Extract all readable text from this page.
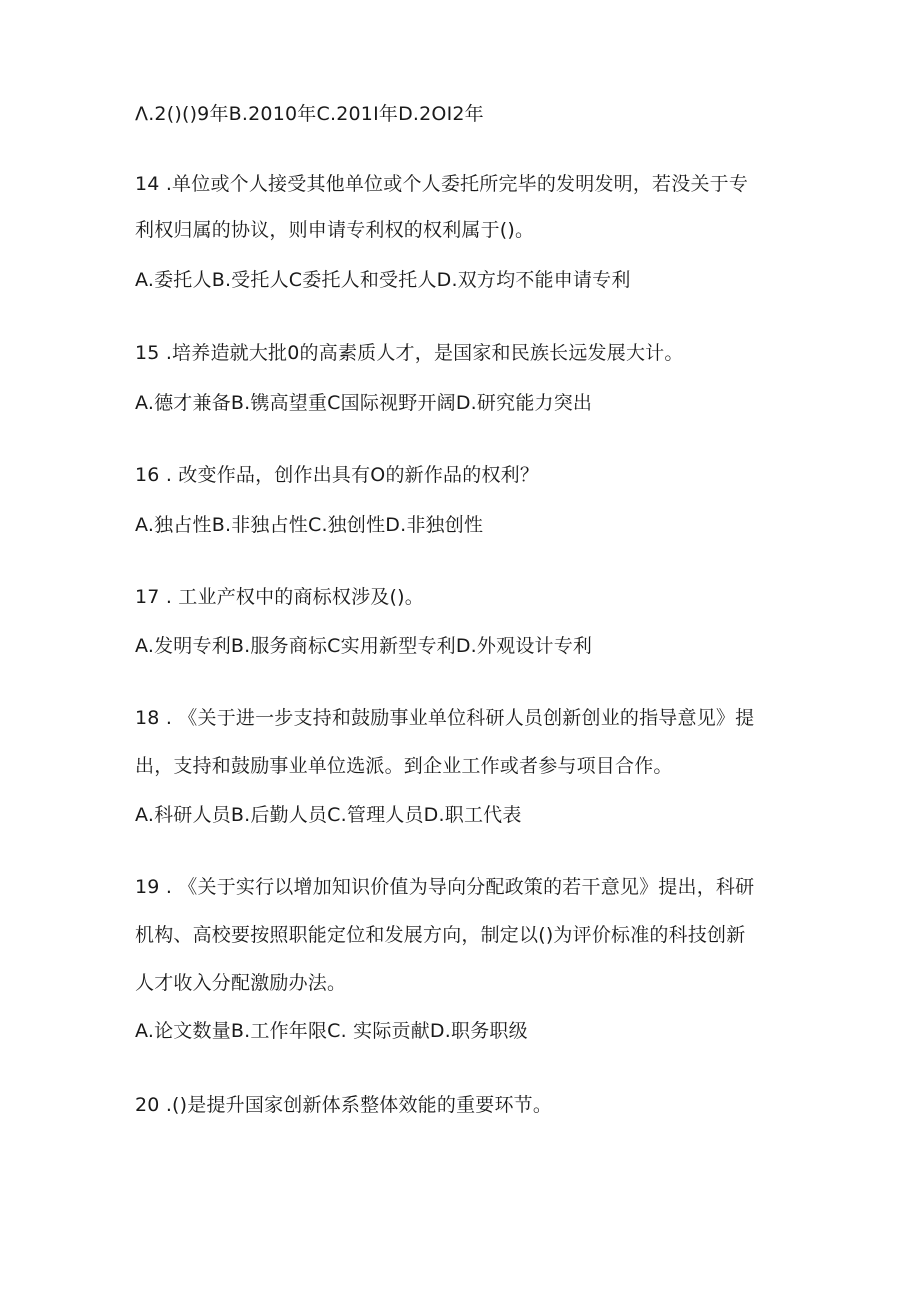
Λ.2()()9年B.2010年C.201I年D.2OI2年
14 .单位或个人接受其他单位或个人委托所完毕的发明发明，若没关于专
利权归属的协议，则申请专利权的权利属于()。
A.委托人B.受托人C委托人和受托人D.双方均不能申请专利
15 .培养造就大批0的高素质人才，是国家和民族长远发展大计。
A.德才兼备B.镌高望重C国际视野开阔D.研究能力突出
16 . 改变作品，创作出具有O的新作品的权利？
A.独占性B.非独占性C.独创性D.非独创性
17 . 工业产权中的商标权涉及()。
A.发明专利B.服务商标C实用新型专利D.外观设计专利
18 . 《关于进一步支持和鼓励事业单位科研人员创新创业的指导意见》提
出，支持和鼓励事业单位选派。到企业工作或者参与项目合作。
A.科研人员B.后勤人员C.管理人员D.职工代表
19 . 《关于实行以增加知识价值为导向分配政策的若干意见》提出，科研
机构、高校要按照职能定位和发展方向，制定以()为评价标准的科技创新
人才收入分配激励办法。
A.论文数量B.工作年限C. 实际贡献D.职务职级
20 .()是提升国家创新体系整体效能的重要环节。
